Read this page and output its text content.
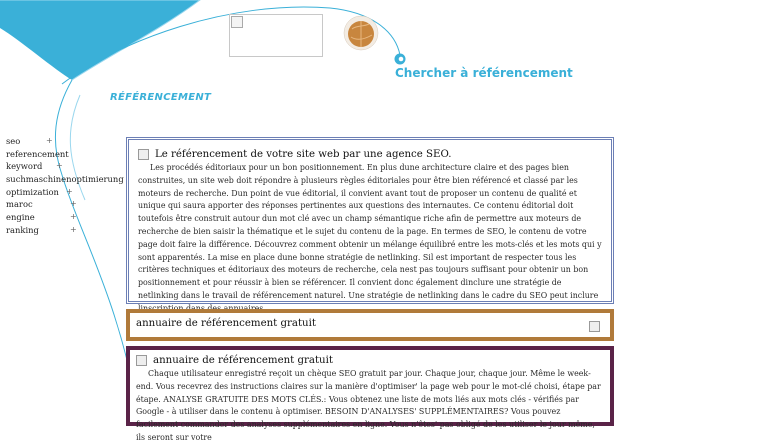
Chercher à référencement
RÉFÉRENCEMENT
seo	+
referencement
keyword +
suchmaschinenoptimierung
optimization +
maroc	+
engine	+
ranking	+
Le référencement de votre site web par une agence SEO.
Les procédés éditoriaux pour un bon positionnement. En plus dune architecture claire et des pages bien construites, un site web doit répondre à plusieurs règles éditoriales pour être bien référencé et classé par les moteurs de recherche. Dun point de vue éditorial, il convient avant tout de proposer un contenu de qualité et unique qui saura apporter des réponses pertinentes aux questions des internautes. Ce contenu éditorial doit toutefois être construit autour dun mot clé avec un champ sémantique riche afin de permettre aux moteurs de recherche de bien saisir la thématique et le sujet du contenu de la page. En termes de SEO, le contenu de votre page doit faire la différence. Découvrez comment obtenir un mélange équilibré entre les mots-clés et les mots qui y sont apparentés. La mise en place dune bonne stratégie de netlinking. Sil est important de respecter tous les critères techniques et éditoriaux des moteurs de recherche, cela nest pas toujours suffisant pour obtenir un bon positionnement et pour réussir à bien se référencer. Il convient donc également dinclure une stratégie de netlinking dans le travail de référencement naturel. Une stratégie de netlinking dans le cadre du SEO peut inclure
annuaire de référencement gratuit
annuaire de référencement gratuit
Chaque utilisateur enregistré reçoit un chèque SEO gratuit par jour. Chaque jour, chaque jour. Même le week-end. Vous recevrez des instructions claires sur la manière d'optimiser' la page web pour le mot-clé choisi, étape par étape. ANALYSE GRATUITE DES MOTS CLÉS.: Vous obtenez une liste de mots liés aux mots clés - vérifiés par Google - à utiliser dans le contenu à optimiser. BESOIN D'ANALYSES' SUPPLÉMENTAIRES? Vous pouvez facilement commander des analyses supplémentaires en ligne. Vous n'êtes' pas obligé de les utiliser le jour même, ils seront sur votre
